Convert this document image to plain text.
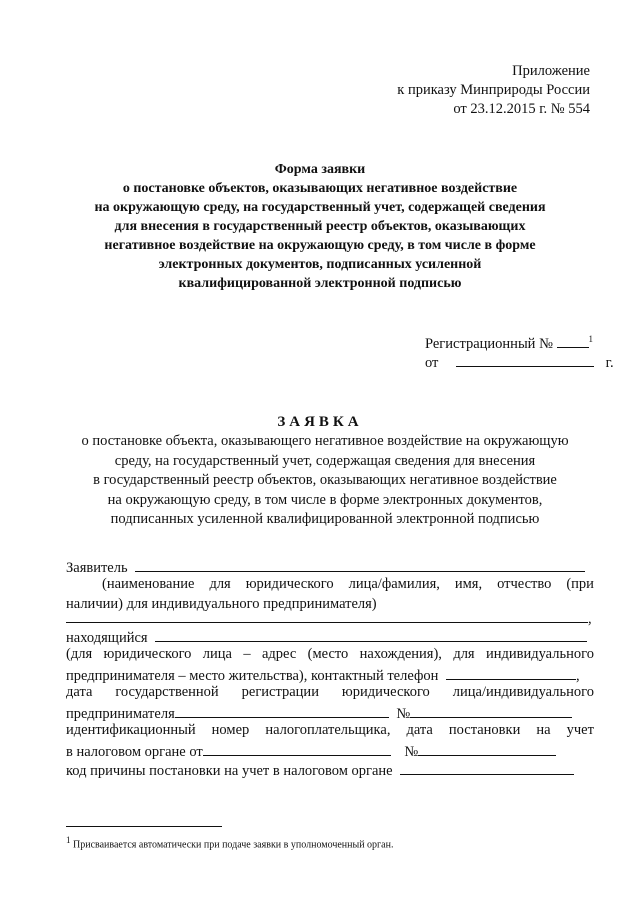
Приложение
к приказу Минприроды России
от 23.12.2015 г. № 554
Форма заявки
о постановке объектов, оказывающих негативное воздействие
на окружающую среду, на государственный учет, содержащей сведения
для внесения в государственный реестр объектов, оказывающих
негативное воздействие на окружающую среду, в том числе в форме
электронных документов, подписанных усиленной
квалифицированной электронной подписью
Регистрационный №	$^1$
от	г.
ЗАЯВКА
о постановке объекта, оказывающего негативное воздействие на окружающую
среду, на государственный учет, содержащая сведения для внесения
в государственный реестр объектов, оказывающих негативное воздействие
на окружающую среду, в том числе в форме электронных документов,
подписанных усиленной квалифицированной электронной подписью
Заявитель
(наименование для юридического лица/фамилия, имя, отчество (при
наличии) для индивидуального предпринимателя)
,
находящийся
(для юридического лица – адрес (место нахождения), для индивидуального
предпринимателя – место жительства), контактный телефон	,
дата государственной регистрации юридического лица/индивидуального
предпринимателя	№
идентификационный номер налогоплательщика, дата постановки на учет
в налоговом органе от	№
код причины постановки на учет в налоговом органе
$^1$ Присваивается автоматически при подаче заявки в уполномоченный орган.
